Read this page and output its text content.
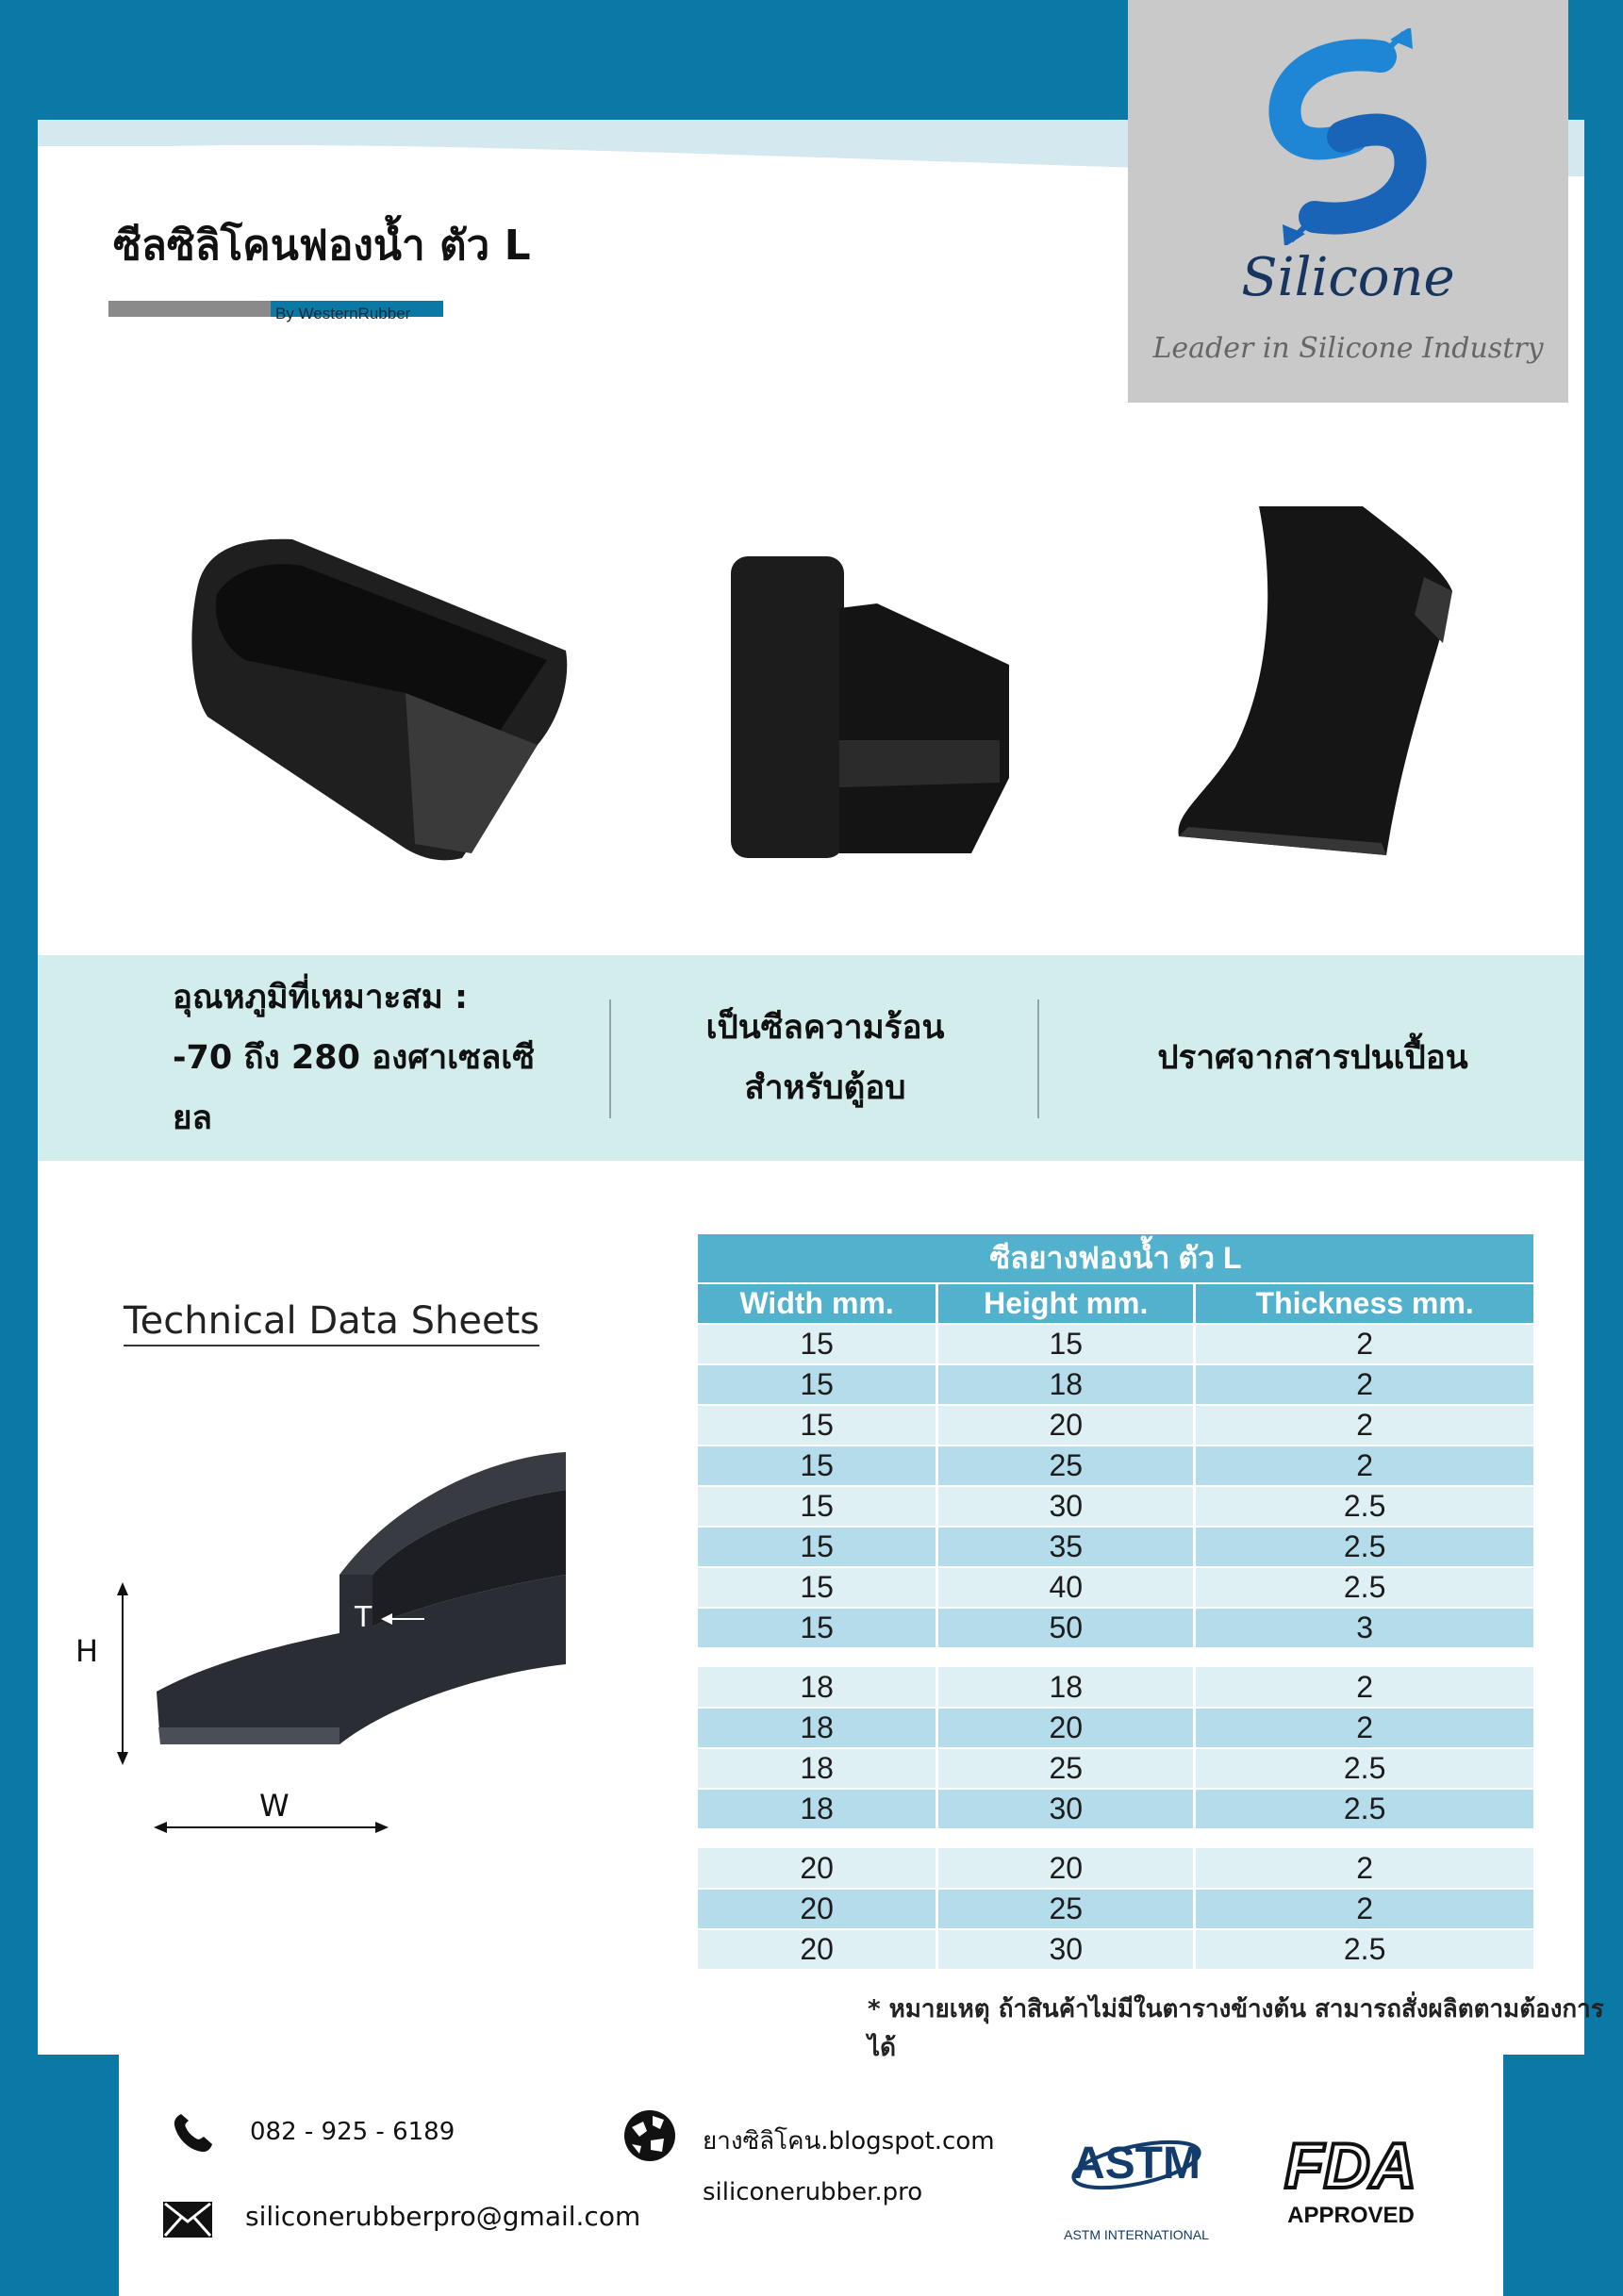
ซีลซิลิโคนฟองน้ำ ตัว L
By WesternRubber
Silicone
Leader in Silicone Industry
อุณหภูมิที่เหมาะสม :
-70 ถึง 280 องศาเซลเซียล
เป็นซีลความร้อน
สำหรับตู้อบ
ปราศจากสารปนเปื้อน
Technical Data Sheets
H
W
T
ซีลยางฟองน้ำ ตัว L		
Width mm.	Height mm.	Thickness mm.
15	15	2
15	18	2
15	20	2
15	25	2
15	30	2.5
15	35	2.5
15	40	2.5
15	50	3

18	18	2
18	20	2
18	25	2.5
18	30	2.5

20	20	2
20	25	2
20	30	2.5
* หมายเหตุ ถ้าสินค้าไม่มีในตารางข้างต้น สามารถสั่งผลิตตามต้องการได้
082 - 925 - 6189
siliconerubberpro@gmail.com
ยางซิลิโคน.blogspot.com
siliconerubber.pro
ASTM
ASTM INTERNATIONAL
FDA
APPROVED
